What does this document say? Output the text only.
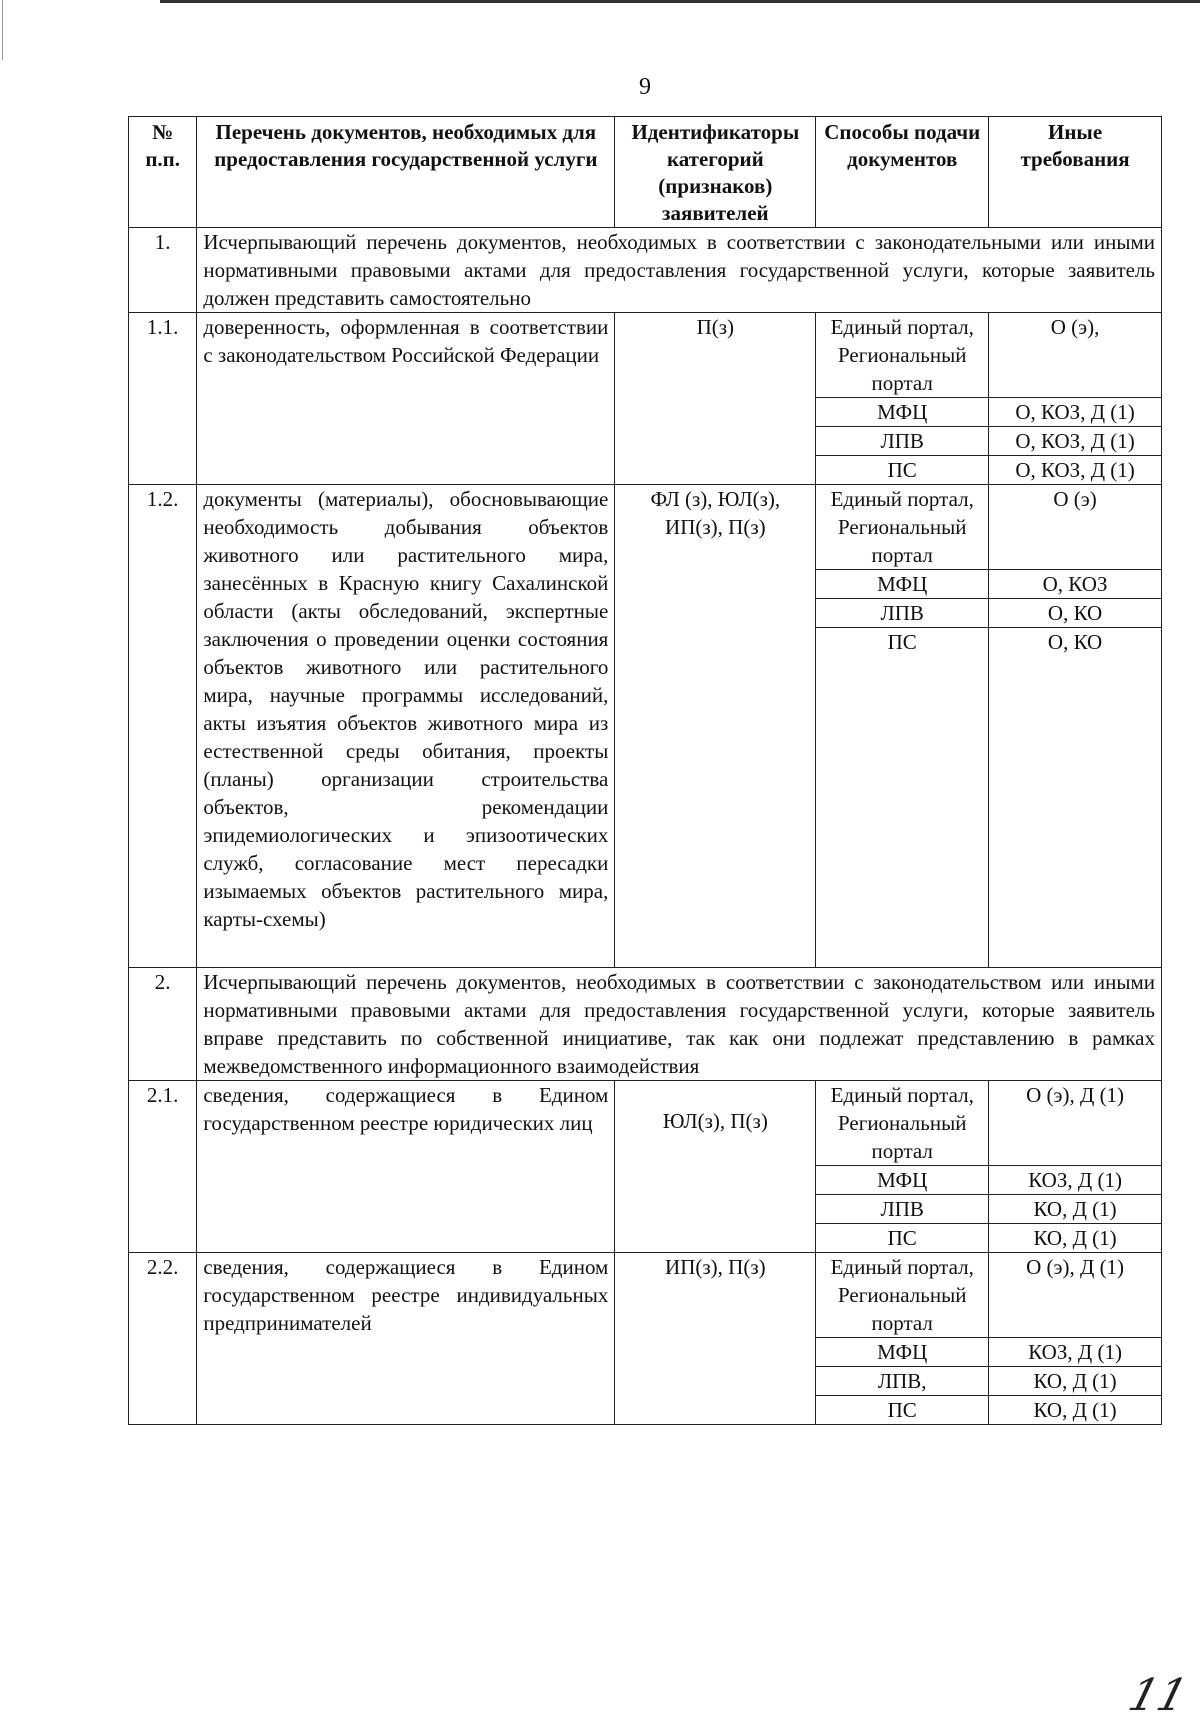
9
№ п.п.	Перечень документов, необходимых для предоставления государственной услуги	Идентификаторы категорий (признаков) заявителей	Способы подачи документов	Иные требования
1.	Исчерпывающий перечень документов, необходимых в соответствии с законодательными или иными нормативными правовыми актами для предоставления государственной услуги, которые заявитель должен представить самостоятельно			
1.1.	доверенность, оформленная в соответствии с законодательством Российской Федерации	П(з)	Единый портал, Региональный портал	О (э),
			МФЦ	О, КОЗ, Д (1)
			ЛПВ	О, КОЗ, Д (1)
			ПС	О, КОЗ, Д (1)
1.2.	документы (материалы), обосновывающие необходимость добывания объектов животного или растительного мира, занесённых в Красную книгу Сахалинской области (акты обследований, экспертные заключения о проведении оценки состояния объектов животного или растительного мира, научные программы исследований, акты изъятия объектов животного мира из естественной среды обитания, проекты (планы) организации строительства объектов, рекомендации эпидемиологических и эпизоотических служб, согласование мест пересадки изымаемых объектов растительного мира, карты-схемы)	ФЛ (з), ЮЛ(з), ИП(з), П(з)	Единый портал, Региональный портал	О (э)
			МФЦ	О, КОЗ
			ЛПВ	О, КО
			ПС	О, КО
2.	Исчерпывающий перечень документов, необходимых в соответствии с законодательством или иными нормативными правовыми актами для предоставления государственной услуги, которые заявитель вправе представить по собственной инициативе, так как они подлежат представлению в рамках межведомственного информационного взаимодействия			
2.1.	сведения, содержащиеся в Едином государственном реестре юридических лиц	ЮЛ(з), П(з)	Единый портал, Региональный портал	О (э), Д (1)
			МФЦ	КОЗ, Д (1)
			ЛПВ	КО, Д (1)
			ПС	КО, Д (1)
2.2.	сведения, содержащиеся в Едином государственном реестре индивидуальных предпринимателей	ИП(з), П(з)	Единый портал, Региональный портал	О (э), Д (1)
			МФЦ	КОЗ, Д (1)
			ЛПВ,	КО, Д (1)
			ПС	КО, Д (1)
11
